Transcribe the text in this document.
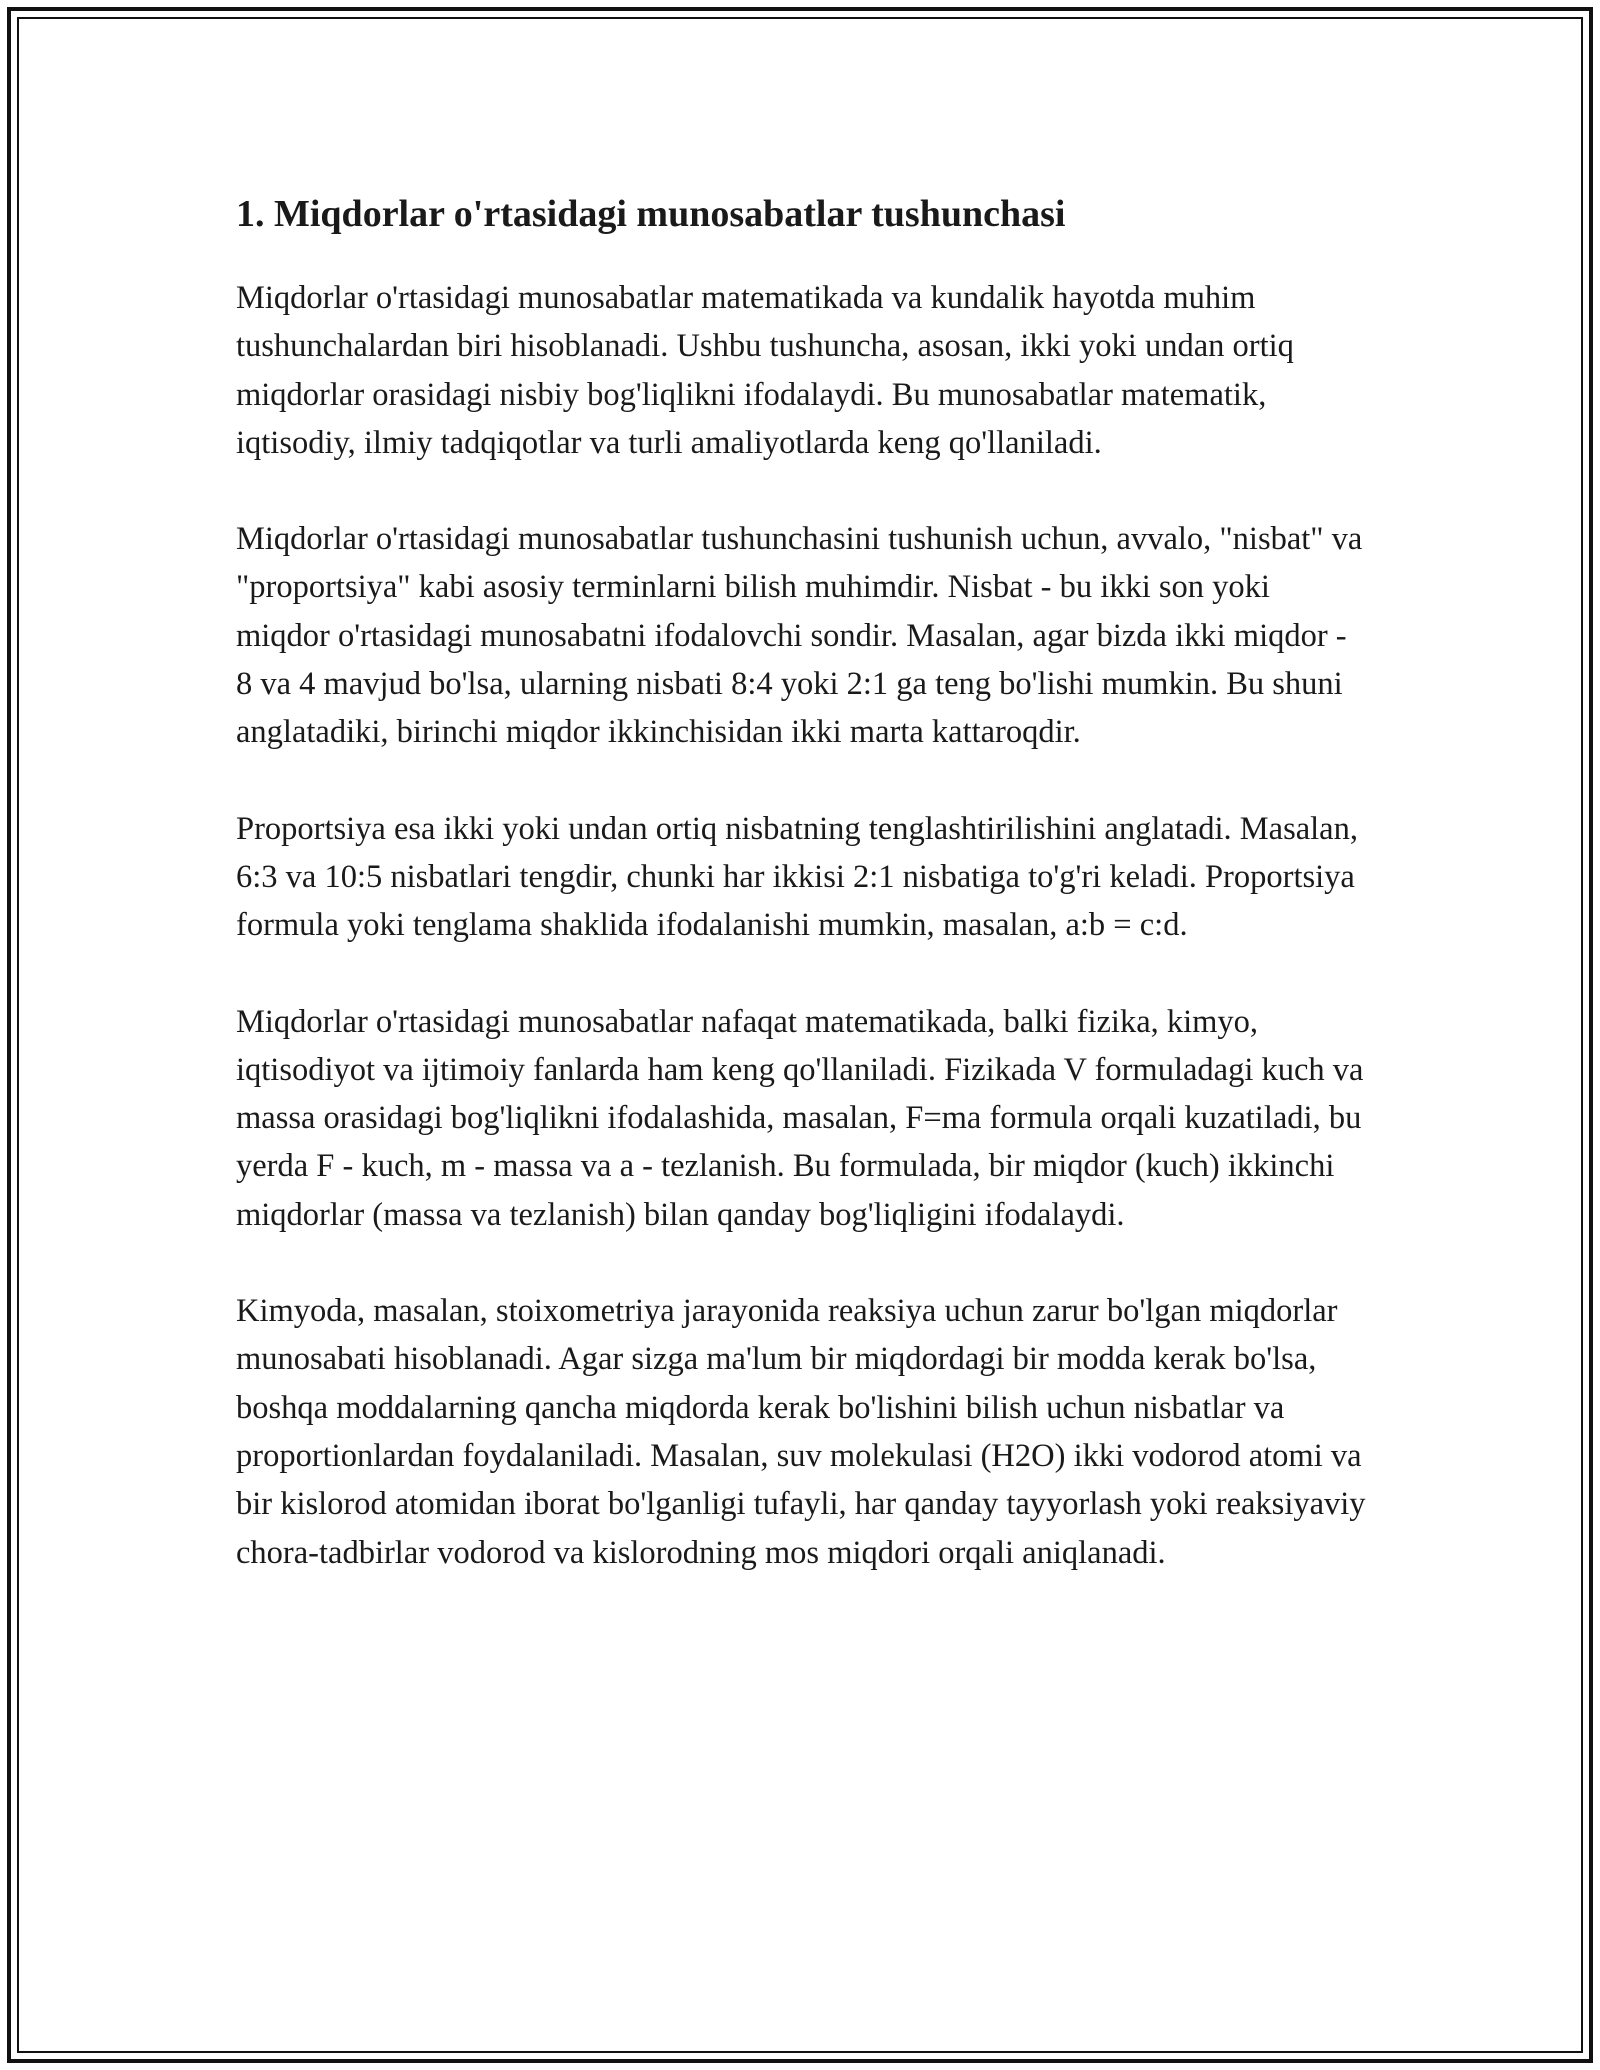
1. Miqdorlar o'rtasidagi munosabatlar tushunchasi

Miqdorlar o'rtasidagi munosabatlar matematikada va kundalik hayotda muhim tushunchalardan biri hisoblanadi. Ushbu tushuncha, asosan, ikki yoki undan ortiq miqdorlar orasidagi nisbiy bog'liqlikni ifodalaydi. Bu munosabatlar matematik, iqtisodiy, ilmiy tadqiqotlar va turli amaliyotlarda keng qo'llaniladi.

Miqdorlar o'rtasidagi munosabatlar tushunchasini tushunish uchun, avvalo, "nisbat" va "proportsiya" kabi asosiy terminlarni bilish muhimdir. Nisbat - bu ikki son yoki miqdor o'rtasidagi munosabatni ifodalovchi sondir. Masalan, agar bizda ikki miqdor - 8 va 4 mavjud bo'lsa, ularning nisbati 8:4 yoki 2:1 ga teng bo'lishi mumkin. Bu shuni anglatadiki, birinchi miqdor ikkinchisidan ikki marta kattaroqdir.

Proportsiya esa ikki yoki undan ortiq nisbatning tenglashtirilishini anglatadi. Masalan, 6:3 va 10:5 nisbatlari tengdir, chunki har ikkisi 2:1 nisbatiga to'g'ri keladi. Proportsiya formula yoki tenglama shaklida ifodalanishi mumkin, masalan, a:b = c:d.

Miqdorlar o'rtasidagi munosabatlar nafaqat matematikada, balki fizika, kimyo, iqtisodiyot va ijtimoiy fanlarda ham keng qo'llaniladi. Fizikada V formuladagi kuch va massa orasidagi bog'liqlikni ifodalashida, masalan, F=ma formula orqali kuzatiladi, bu yerda F - kuch, m - massa va a - tezlanish. Bu formulada, bir miqdor (kuch) ikkinchi miqdorlar (massa va tezlanish) bilan qanday bog'liqligini ifodalaydi.

Kimyoda, masalan, stoixometriya jarayonida reaksiya uchun zarur bo'lgan miqdorlar munosabati hisoblanadi. Agar sizga ma'lum bir miqdordagi bir modda kerak bo'lsa, boshqa moddalarning qancha miqdorda kerak bo'lishini bilish uchun nisbatlar va proportionlardan foydalaniladi. Masalan, suv molekulasi (H2O) ikki vodorod atomi va bir kislorod atomidan iborat bo'lganligi tufayli, har qanday tayyorlash yoki reaksiyaviy chora-tadbirlar vodorod va kislorodning mos miqdori orqali aniqlanadi.
